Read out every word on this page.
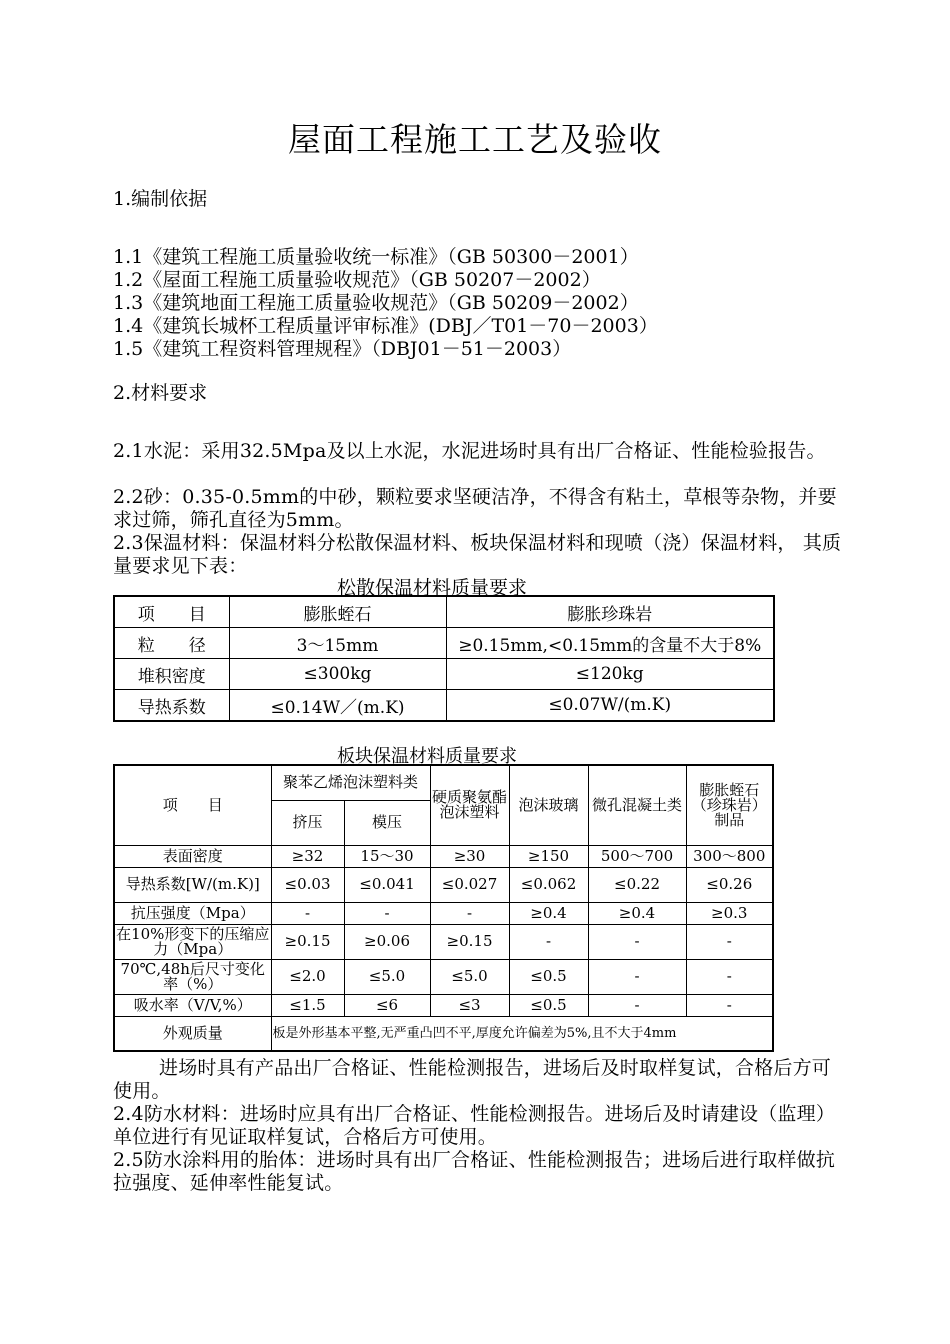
屋面工程施工工艺及验收
1.编制依据
1.1《建筑工程施工质量验收统一标准》（GB 50300－2001）
1.2《屋面工程施工质量验收规范》（GB 50207－2002）
1.3《建筑地面工程施工质量验收规范》（GB 50209－2002）
1.4《建筑长城杯工程质量评审标准》(DBJ／T01－70－2003）
1.5《建筑工程资料管理规程》（DBJ01－51－2003）
2.材料要求
2.1水泥：采用32.5Mpa及以上水泥，水泥进场时具有出厂合格证、性能检验报告。
2.2砂：0.35-0.5mm的中砂，颗粒要求坚硬洁净，不得含有粘土，草根等杂物，并要求过筛，筛孔直径为5mm。
2.3保温材料：保温材料分松散保温材料、板块保温材料和现喷（浇）保温材料， 其质量要求见下表：
松散保温材料质量要求
项　　目	膨胀蛭石	膨胀珍珠岩
粒　　径	3～15mm	≥0.15mm,<0.15mm的含量不大于8%
堆积密度	≤300kg	≤120kg
导热系数	≤0.14W／(m.K)	≤0.07W/(m.K)
板块保温材料质量要求
项　　目	聚苯乙烯泡沫塑料类		硬质聚氨酯泡沫塑料	泡沫玻璃	微孔混凝土类	膨胀蛭石（珍珠岩）制品
	挤压	模压				
表面密度	≥32	15～30	≥30	≥150	500～700	300～800
导热系数[W/(m.K)]	≤0.03	≤0.041	≤0.027	≤0.062	≤0.22	≤0.26
抗压强度（Mpa）	-	-	-	≥0.4	≥0.4	≥0.3
在10%形变下的压缩应力（Mpa）	≥0.15	≥0.06	≥0.15	-	-	-
70℃,48h后尺寸变化率（%）	≤2.0	≤5.0	≤5.0	≤0.5	-	-
吸水率（V/V,%）	≤1.5	≤6	≤3	≤0.5	-	-
外观质量	板是外形基本平整,无严重凸凹不平,厚度允许偏差为5%,且不大于4mm					
进场时具有产品出厂合格证、性能检测报告，进场后及时取样复试，合格后方可使用。
2.4防水材料：进场时应具有出厂合格证、性能检测报告。进场后及时请建设（监理）单位进行有见证取样复试，合格后方可使用。
2.5防水涂料用的胎体：进场时具有出厂合格证、性能检测报告；进场后进行取样做抗拉强度、延伸率性能复试。
